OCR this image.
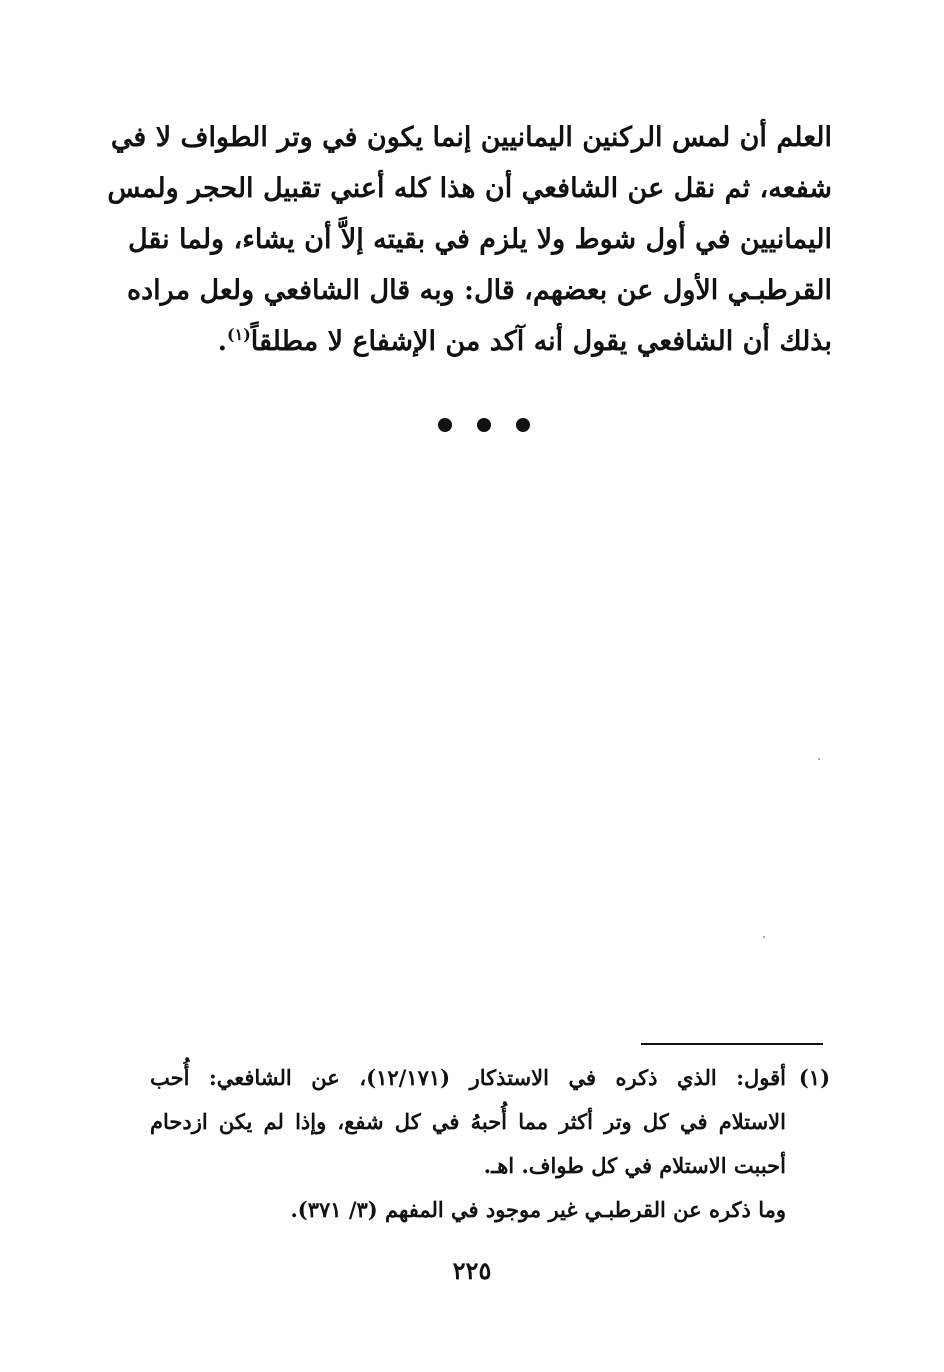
العلم أن لمس الركنين اليمانيين إنما يكون في وتر الطواف لا في
شفعه، ثم نقل عن الشافعي أن هذا كله أعني تقبيل الحجر ولمس
اليمانيين في أول شوط ولا يلزم في بقيته إلاَّ أن يشاء، ولما نقل
القرطبـي الأول عن بعضهم، قال: وبه قال الشافعي ولعل مراده
بذلك أن الشافعي يقول أنه آكد من الإشفاع لا مطلقاً$^{(١)}$.
(١)
أقول: الذي ذكره في الاستذكار (١٢/١٧١)، عن الشافعي: أُحب
الاستلام في كل وتر أكثر مما أُحبهُ في كل شفع، وإذا لم يكن ازدحام
أحببت الاستلام في كل طواف. اهـ.
وما ذكره عن القرطبـي غير موجود في المفهم (٣/ ٣٧١).
٢٢٥
